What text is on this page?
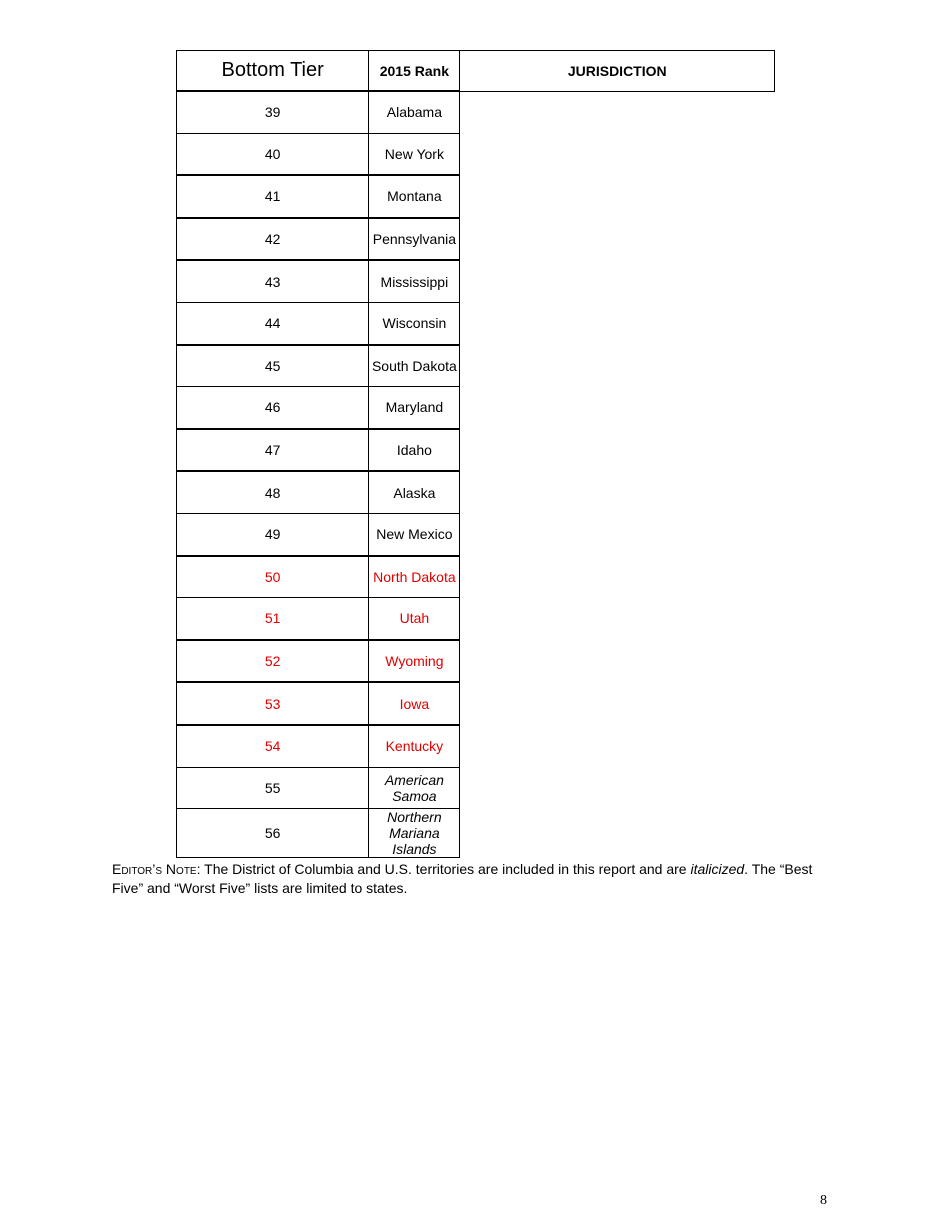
Bottom Tier	2015 Rank	JURISDICTION
39	Alabama	
40	New York	
41	Montana	
42	Pennsylvania	
43	Mississippi	
44	Wisconsin	
45	South Dakota	
46	Maryland	
47	Idaho	
48	Alaska	
49	New Mexico	
50	North Dakota	
51	Utah	
52	Wyoming	
53	Iowa	
54	Kentucky	
55	American Samoa	
56	Northern Mariana Islands	
Editor’s Note: The District of Columbia and U.S. territories are included in this report and are italicized. The “Best Five” and “Worst Five” lists are limited to states.
8
